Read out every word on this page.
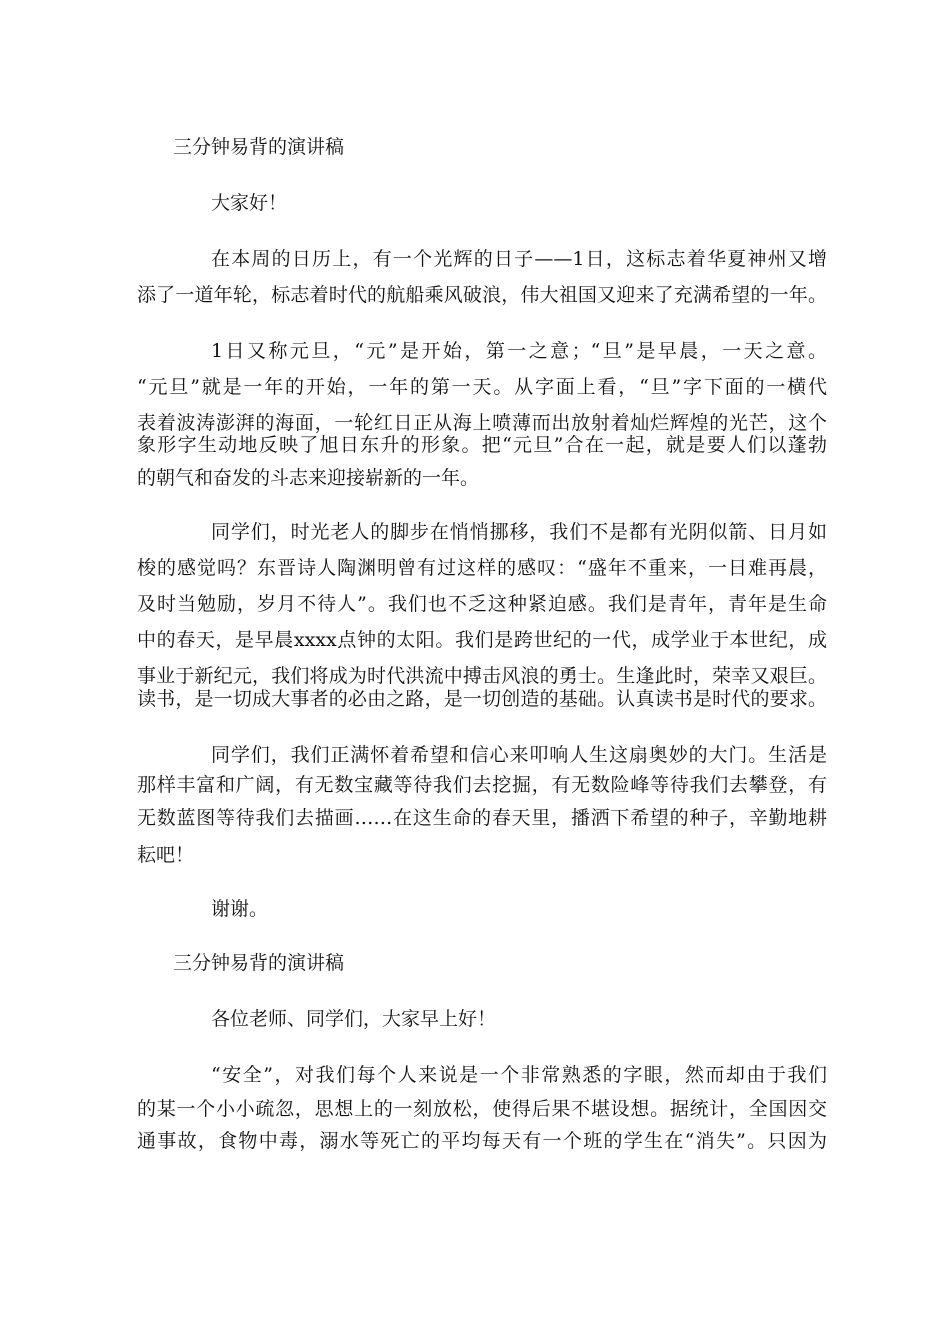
三分钟易背的演讲稿
大家好！
在本周的日历上，有一个光辉的日子——1日，这标志着华夏神州又增
添了一道年轮，标志着时代的航船乘风破浪，伟大祖国又迎来了充满希望的一年。
1日又称元旦，“元”是开始，第一之意；“旦”是早晨，一天之意。
“元旦”就是一年的开始，一年的第一天。从字面上看，“旦”字下面的一横代
表着波涛澎湃的海面，一轮红日正从海上喷薄而出放射着灿烂辉煌的光芒，这个
象形字生动地反映了旭日东升的形象。把“元旦”合在一起，就是要人们以蓬勃
的朝气和奋发的斗志来迎接崭新的一年。
同学们，时光老人的脚步在悄悄挪移，我们不是都有光阴似箭、日月如
梭的感觉吗？东晋诗人陶渊明曾有过这样的感叹：“盛年不重来，一日难再晨，
及时当勉励，岁月不待人”。我们也不乏这种紧迫感。我们是青年，青年是生命
中的春天，是早晨xxxx点钟的太阳。我们是跨世纪的一代，成学业于本世纪，成
事业于新纪元，我们将成为时代洪流中搏击风浪的勇士。生逢此时，荣幸又艰巨。
读书，是一切成大事者的必由之路，是一切创造的基础。认真读书是时代的要求。
同学们，我们正满怀着希望和信心来叩响人生这扇奥妙的大门。生活是
那样丰富和广阔，有无数宝藏等待我们去挖掘，有无数险峰等待我们去攀登，有
无数蓝图等待我们去描画……在这生命的春天里，播洒下希望的种子，辛勤地耕
耘吧！
谢谢。
三分钟易背的演讲稿
各位老师、同学们，大家早上好！
“安全”，对我们每个人来说是一个非常熟悉的字眼，然而却由于我们
的某一个小小疏忽，思想上的一刻放松，使得后果不堪设想。据统计，全国因交
通事故，食物中毒，溺水等死亡的平均每天有一个班的学生在“消失”。只因为
